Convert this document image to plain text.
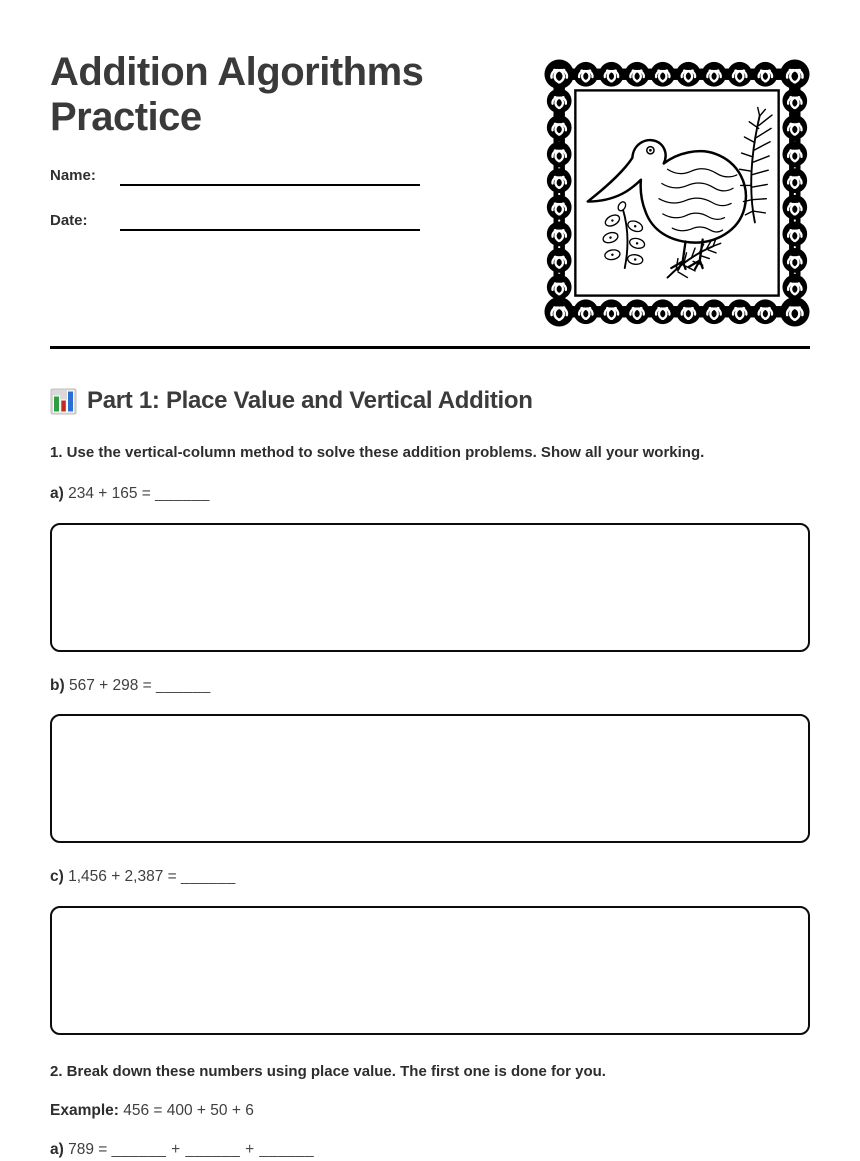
Addition Algorithms Practice
Name:
Date:
Part 1: Place Value and Vertical Addition
1. Use the vertical-column method to solve these addition problems. Show all your working.
a) 234 + 165 = ______
b) 567 + 298 = ______
c) 1,456 + 2,387 = ______
2. Break down these numbers using place value. The first one is done for you.
Example: 456 = 400 + 50 + 6
a) 789 = ______ + ______ + ______
